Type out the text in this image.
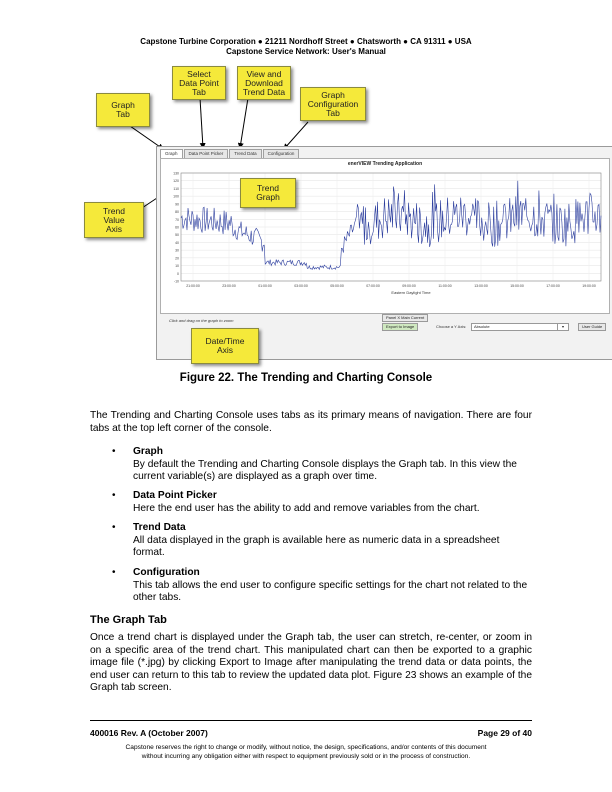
Capstone Turbine Corporation ● 21211 Nordhoff Street ● Chatsworth ● CA 91311 ● USA
Capstone Service Network: User's Manual
Graph	Data Point Picker	Trend Data	Configuration
enerVIEW Trending Application
130
120
110
100
90
80
70
60
50
40
30
20
10
0
-10
21:00:00	23:00:00	01:00:00	03:00:00	05:00:00	07:00:00	09:00:00	11:00:00	13:00:00	15:00:00	17:00:00	19:00:00
Eastern Daylight Time
Click and drag on the graph to zoom
Panel X Main Current
Export to Image	Choose a Y Axis:	Absolute	▾	User Guide
Graph
Tab
Select
Data Point
Tab
View and
Download
Trend Data	Graph
Configuration
Tab
Trend
Value
Axis
Trend
Graph
Date/Time
Axis
Figure 22. The Trending and Charting Console
The Trending and Charting Console uses tabs as its primary means of navigation. There are four tabs at the top left corner of the console.
• Graph
By default the Trending and Charting Console displays the Graph tab. In this view the current variable(s) are displayed as a graph over time.
• Data Point Picker
Here the end user has the ability to add and remove variables from the chart.
• Trend Data
All data displayed in the graph is available here as numeric data in a spreadsheet format.
• Configuration
This tab allows the end user to configure specific settings for the chart not related to the other tabs.
The Graph Tab
Once a trend chart is displayed under the Graph tab, the user can stretch, re-center, or zoom in on a specific area of the trend chart. This manipulated chart can then be exported to a graphic image file (*.jpg) by clicking Export to Image after manipulating the trend data or data points, the end user can return to this tab to review the updated data plot. Figure 23 shows an example of the Graph tab screen.
400016 Rev. A (October 2007)	Page 29 of 40
Capstone reserves the right to change or modify, without notice, the design, specifications, and/or contents of this document
without incurring any obligation either with respect to equipment previously sold or in the process of construction.
